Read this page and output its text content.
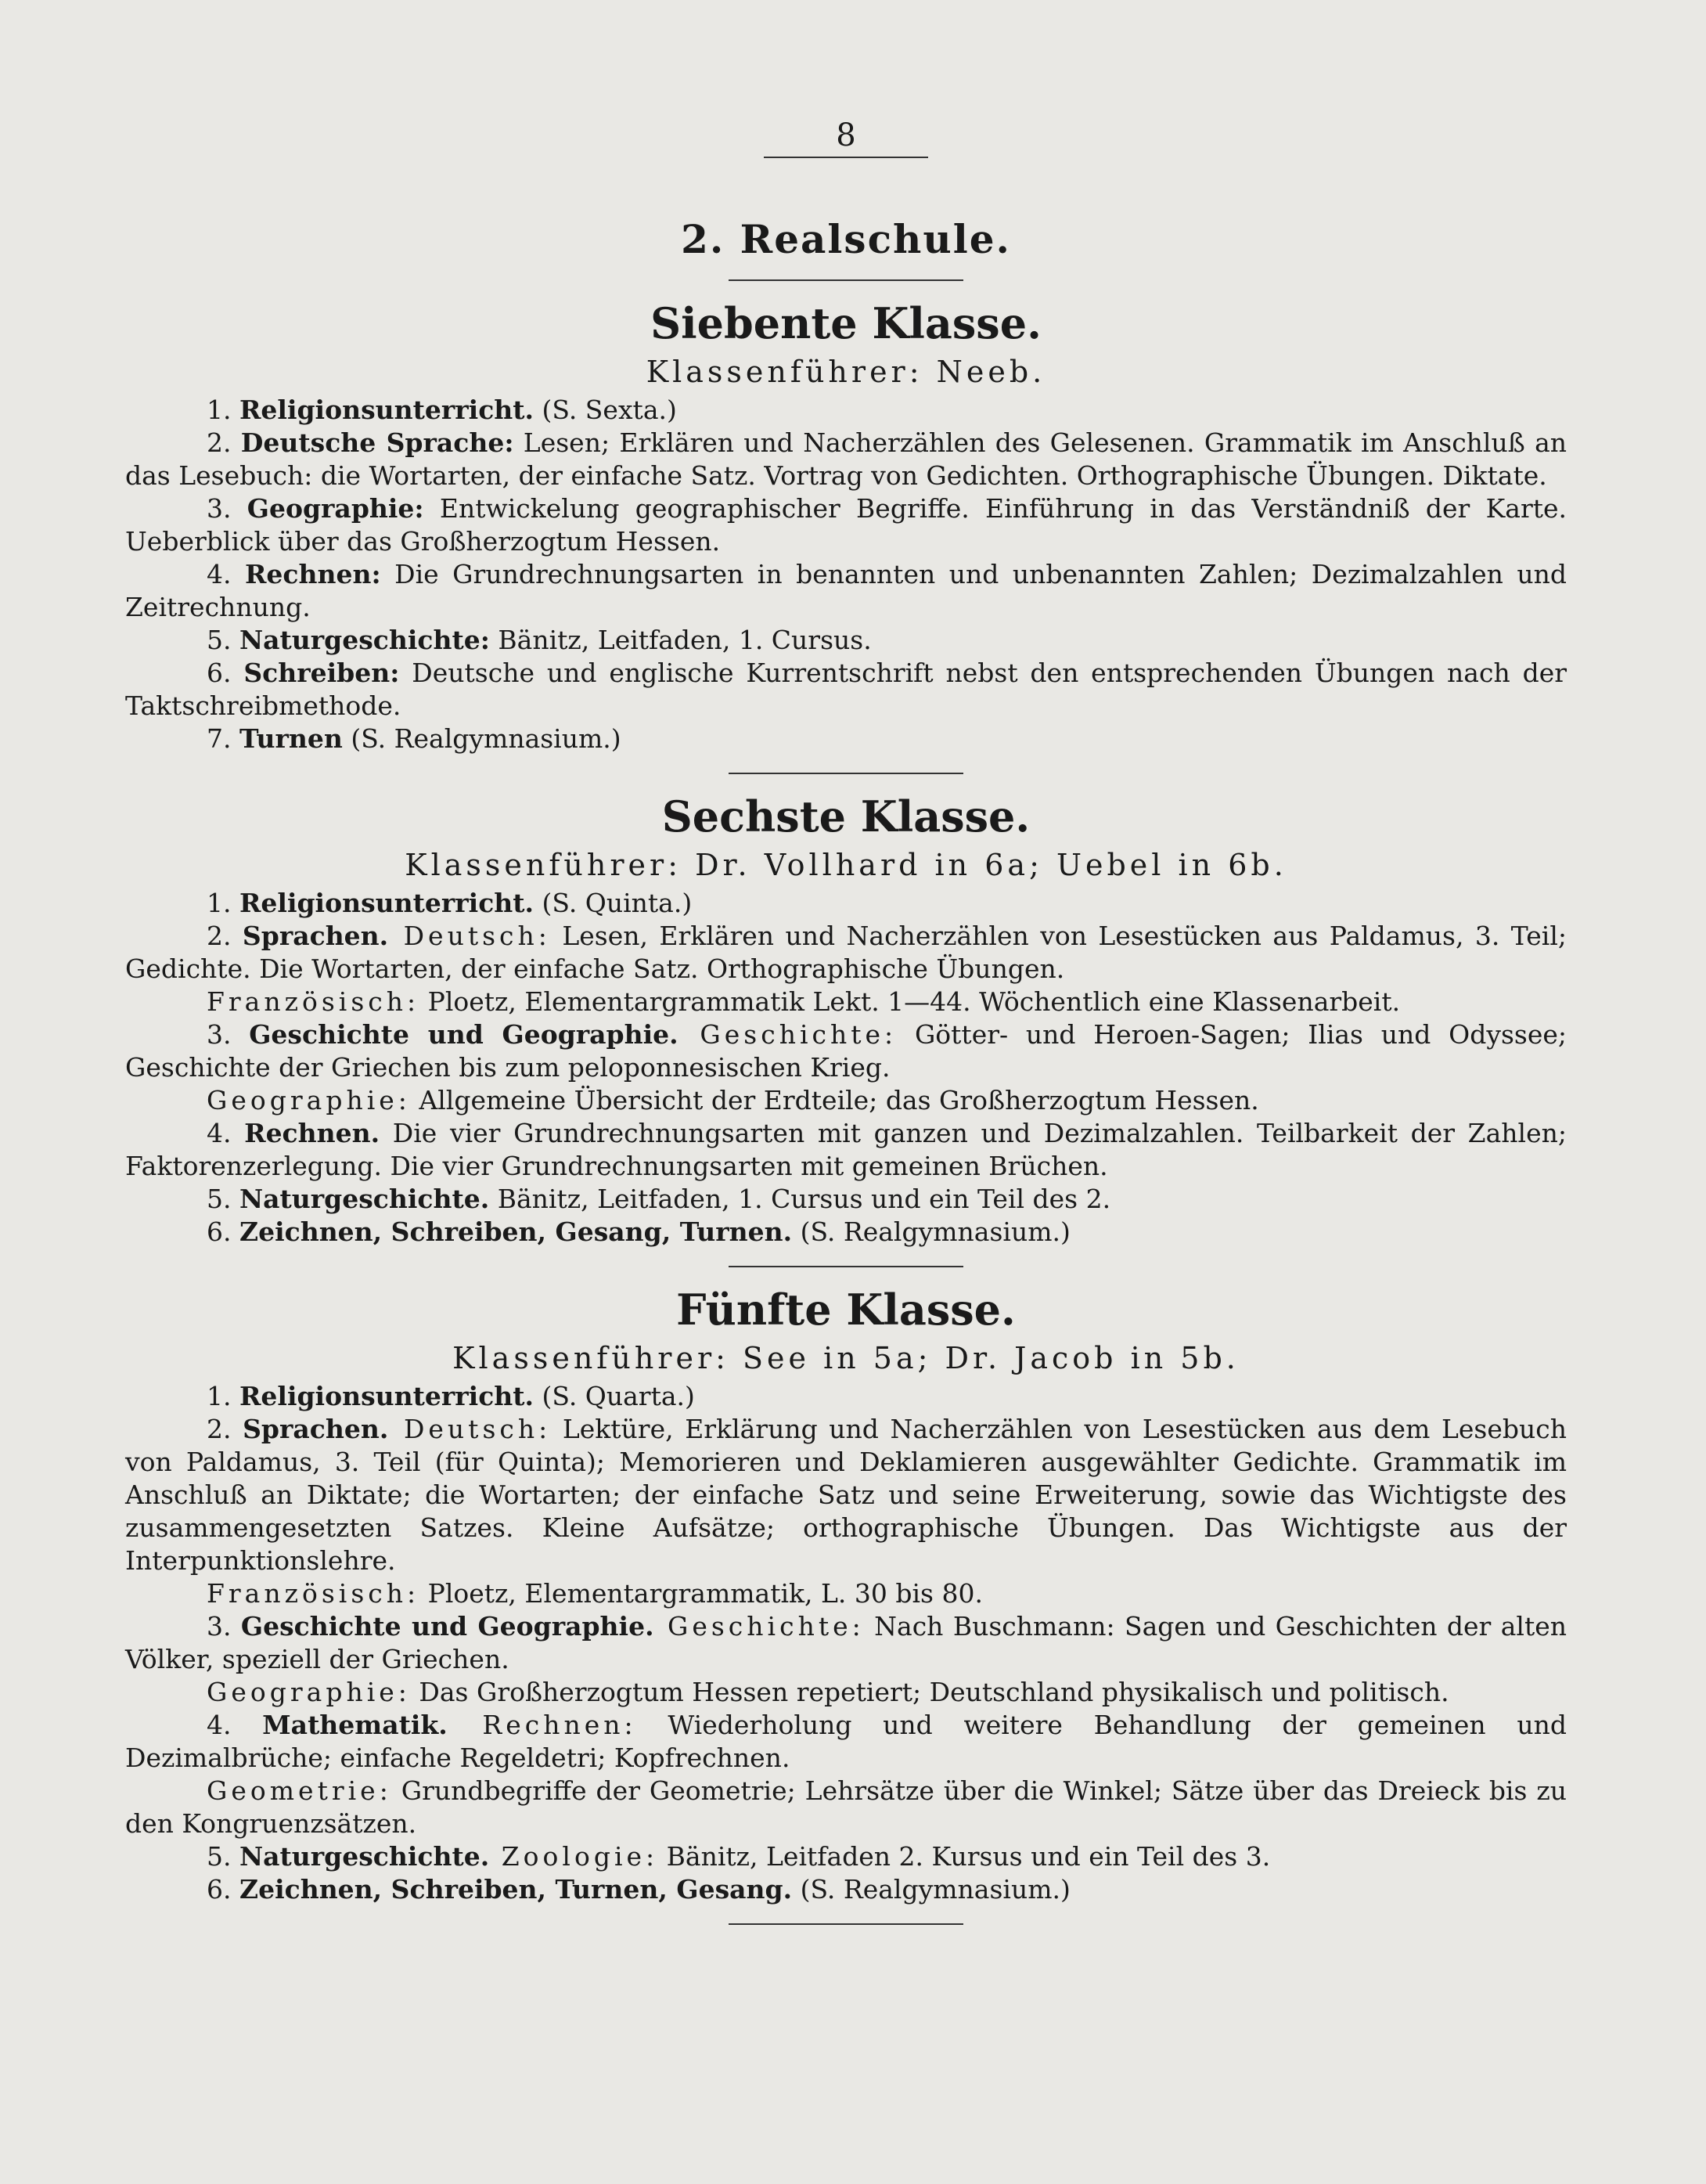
8
2. Realschule.
Siebente Klasse.
Klassenführer: Neeb.

1. Religionsunterricht. (S. Sexta.)

2. Deutsche Sprache: Lesen; Erklären und Nacherzählen des Gelesenen. Grammatik im Anschluß an das Lesebuch: die Wortarten, der einfache Satz. Vortrag von Gedichten. Orthographische Übungen. Diktate.

3. Geographie: Entwickelung geographischer Begriffe. Einführung in das Verständniß der Karte. Ueberblick über das Großherzogtum Hessen.

4. Rechnen: Die Grundrechnungsarten in benannten und unbenannten Zahlen; Dezimalzahlen und Zeitrechnung.

5. Naturgeschichte: Bänitz, Leitfaden, 1. Cursus.

6. Schreiben: Deutsche und englische Kurrentschrift nebst den entsprechenden Übungen nach der Taktschreibmethode.

7. Turnen (S. Realgymnasium.)

Sechste Klasse.
Klassenführer: Dr. Vollhard in 6a; Uebel in 6b.

1. Religionsunterricht. (S. Quinta.)

2. Sprachen. Deutsch: Lesen, Erklären und Nacherzählen von Lesestücken aus Paldamus, 3. Teil; Gedichte. Die Wortarten, der einfache Satz. Orthographische Übungen.

Französisch: Ploetz, Elementargrammatik Lekt. 1—44. Wöchentlich eine Klassenarbeit.

3. Geschichte und Geographie. Geschichte: Götter- und Heroen-Sagen; Ilias und Odyssee; Geschichte der Griechen bis zum peloponnesischen Krieg.

Geographie: Allgemeine Übersicht der Erdteile; das Großherzogtum Hessen.

4. Rechnen. Die vier Grundrechnungsarten mit ganzen und Dezimalzahlen. Teilbarkeit der Zahlen; Faktorenzerlegung. Die vier Grundrechnungsarten mit gemeinen Brüchen.

5. Naturgeschichte. Bänitz, Leitfaden, 1. Cursus und ein Teil des 2.

6. Zeichnen, Schreiben, Gesang, Turnen. (S. Realgymnasium.)

Fünfte Klasse.
Klassenführer: See in 5a; Dr. Jacob in 5b.

1. Religionsunterricht. (S. Quarta.)

2. Sprachen. Deutsch: Lektüre, Erklärung und Nacherzählen von Lesestücken aus dem Lesebuch von Paldamus, 3. Teil (für Quinta); Memorieren und Deklamieren ausgewählter Gedichte. Grammatik im Anschluß an Diktate; die Wortarten; der einfache Satz und seine Erweiterung, sowie das Wichtigste des zusammengesetzten Satzes. Kleine Aufsätze; orthographische Übungen. Das Wichtigste aus der Interpunktionslehre.

Französisch: Ploetz, Elementargrammatik, L. 30 bis 80.

3. Geschichte und Geographie. Geschichte: Nach Buschmann: Sagen und Geschichten der alten Völker, speziell der Griechen.

Geographie: Das Großherzogtum Hessen repetiert; Deutschland physikalisch und politisch.

4. Mathematik. Rechnen: Wiederholung und weitere Behandlung der gemeinen und Dezimalbrüche; einfache Regeldetri; Kopfrechnen.

Geometrie: Grundbegriffe der Geometrie; Lehrsätze über die Winkel; Sätze über das Dreieck bis zu den Kongruenzsätzen.

5. Naturgeschichte. Zoologie: Bänitz, Leitfaden 2. Kursus und ein Teil des 3.

6. Zeichnen, Schreiben, Turnen, Gesang. (S. Realgymnasium.)
